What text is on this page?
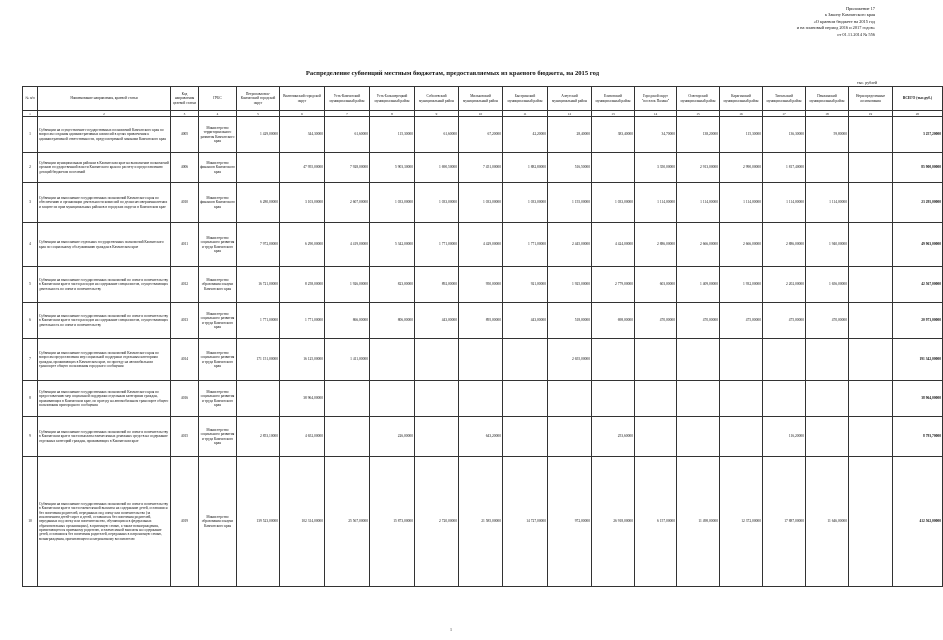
Приложение 17
к Закону Камчатского края
«О краевом бюджете на 2015 год
и на плановый период 2016 и 2017 годов»
от 01.11.2014 № 556
Распределение субвенций местным бюджетам, предоставляемых из краевого бюджета, на 2015 год
тыс. рублей
№ п/п	Наименование направления, краевой статьи	Код направления целевой статьи	ГРБС	Петропавловск-Камчатский городской округ	Вилючинский городской округ	Усть-Камчатский муниципальный район	Усть-Большерецкий муниципальный район	Соболевский муниципальный район	Мильковский муниципальный район	Быстринский муниципальный район	Алеутский муниципальный район	Елизовский муниципальный район	Городской округ "поселок Палана"	Олюторский муниципальный район	Карагинский муниципальный район	Тигильский муниципальный район	Пенжинский муниципальный район	Нераспределенные ассигнования	ВСЕГО (тыс.руб.)
1	2	3	4	5	6	7	8	9	10	11	12	13	14	15	16	17	18	19	20
1	Субвенции на осуществление государственных полномочий Камчатского края по вопросам создания административных комиссий в целях привлечения к административной ответственности, предусмотренной законами Камчатского края	4005	Министерство территориального развития Камчатского края	1 429,00000	344,30000	61,60000	115,30000	61,60000	67,20000	42,20000	28,40000	383,40000	34,70000	138,20000	115,30000	136,30000	59,80000		3 257,20000
2	Субвенции муниципальным районам в Камчатском крае на выполнение полномочий органов государственной власти Камчатского края по расчету и предоставлению дотаций бюджетам поселений	4006	Министерство финансов Камчатского края		47 955,00000	7 928,00000	5 903,30000	1 690,50000	7 451,00000	1 882,80000	516,50000		3 350,00000	2 913,00000	2 990,00000	1 817,40000			85 900,00000
3	Субвенции на выполнение государственных полномочий Камчатского края по обеспечению и организации деятельности комиссий по делам несовершеннолетних и защите их прав муниципальных районов в городских округах в Камчатском крае	4010	Министерство финансов Камчатского края	6 280,00000	3 103,00000	2 607,00000	1 033,00000	1 033,00000	1 033,00000	1 033,00000	1 155,00000	1 033,00000	1 114,00000	1 114,00000	1 114,00000	1 114,00000	1 114,00000		23 295,00000
4	Субвенции на выполнение отдельных государственных полномочий Камчатского края по социальному обслуживанию граждан в Камчатском крае	4011	Министерство социального развития и труда Камчатского края	7 972,00000	6 290,00000	4 419,00000	5 342,00000	1 771,00000	4 429,00000	1 771,00000	2 445,00000	4 424,00000	2 886,00000	2 666,00000	2 666,00000	2 886,00000	1 940,00000		49 963,00000
5	Субвенции на выполнение государственных полномочий по опеке и попечительству в Камчатском крае в части расходов на содержание специалистов, осуществляющих деятельность по опеке и попечительству	4012	Министерство образования и науки Камчатского края	16 721,00000	8 258,00000	1 926,00000	823,00000	892,00000	950,00000	921,00000	1 925,00000	2 779,00000	603,00000	1 409,00000	1 932,00000	2 202,00000	1 656,00000		42 567,00000
6	Субвенции на выполнение государственных полномочий по опеке и попечительству в Камчатском крае в части расходов на содержание специалистов, осуществляющих деятельность по опеке и попечительству	4013	Министерство социального развития и труда Камчатского края	1 771,00000	1 771,00000	866,00000	806,00000	443,00000	895,00000	443,00000	518,00000	698,00000	470,00000	470,00000	475,00000	475,00000	470,00000		20 973,00000
7	Субвенции на выполнение государственных полномочий Камчатского края по вопросам предоставления мер социальной поддержки отдельным категориям граждан, проживающих в Камчатском крае, по проезду на автомобильном транспорте общего пользования городского сообщения	4014	Министерство социального развития и труда Камчатского края	171 151,00000	16 125,00000	1 411,00000					2 655,00000								191 342,00000
8	Субвенции на выполнение государственных полномочий Камчатского края по предоставлению мер социальной поддержки отдельным категориям граждан, проживающих в Камчатском крае, по проезду на автомобильном транспорте общего пользования пригородного сообщения	4016	Министерство социального развития и труда Камчатского края		38 964,00000														38 964,00000
9	Субвенции на выполнение государственных полномочий по опеке и попечительству в Камчатском крае в части выплаты ежемесячных денежных средств на содержание отдельных категорий граждан, проживающих в Камчатском крае	4015	Министерство социального развития и труда Камчатского края	2 853,10000	4 652,00000		226,00000		643,20000			253,60000				116,20000			8 793,70000
10	Субвенции на выполнение государственных полномочий по опеке и попечительству в Камчатском крае в части ежемесячной выплаты на содержание детей, оставшихся без попечения родителей, переданных под опеку или попечительство (за исключением детей-сирот и детей, оставшихся без попечения родителей, переданных под опеку или попечительство, обучающихся в федеральных образовательных организациях), в приемную семью, а также вознаграждения, причитающегося приемному родителю, и ежемесячной выплаты на содержание детей, оставшихся без попечения родителей, переданных в патронатную семью, вознаграждения, причитающегося патронатному воспитателю	4019	Министерство образования и науки Камчатского края	139 523,00000	102 314,00000	25 567,00000	15 873,00000	2 720,00000	21 585,00000	14 727,00000	972,00000	26 918,00000	6 157,00000	11 498,00000	12 372,00000	17 887,00000	11 646,00000		412 562,00000
1
